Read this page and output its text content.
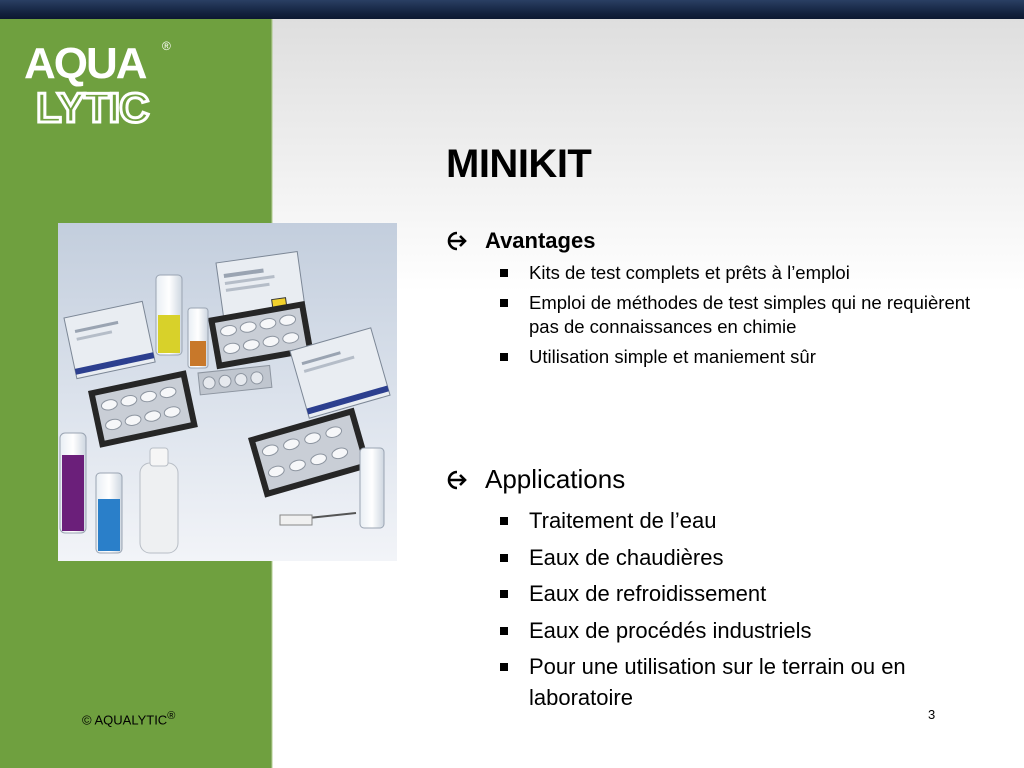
AQUA ®
LYTIC
MINIKIT
Avantages
Kits de test complets et prêts à l’emploi
Emploi de méthodes de test simples qui ne requièrent pas de connaissances en chimie
Utilisation simple et maniement sûr
Applications
Traitement de l’eau
Eaux de chaudières
Eaux de refroidissement
Eaux de procédés industriels
Pour une utilisation sur le terrain ou en laboratoire
© AQUALYTIC®	3
